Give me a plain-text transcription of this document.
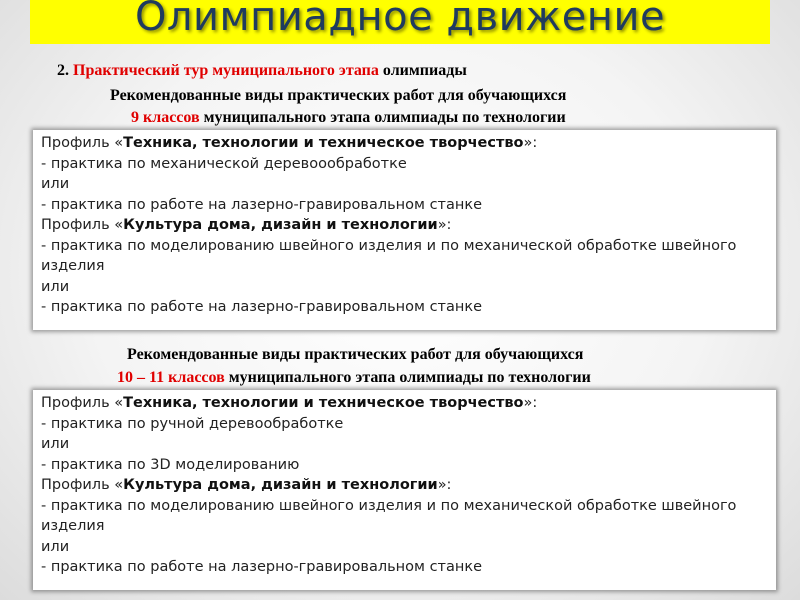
Олимпиадное движение
2. Практический тур муниципального этапа олимпиады
Рекомендованные виды практических работ для обучающихся
9 классов муниципального этапа олимпиады по технологии
Профиль «Техника, технологии и техническое творчество»:
- практика по механической деревоообработке
или
- практика по работе на лазерно-гравировальном станке
Профиль «Культура дома, дизайн и технологии»:
- практика по моделированию швейного изделия и по механической обработке швейного
изделия
или
- практика по работе на лазерно-гравировальном станке
Рекомендованные виды практических работ для обучающихся
10 – 11 классов муниципального этапа олимпиады по технологии
Профиль «Техника, технологии и техническое творчество»:
- практика по ручной деревообработке
или
- практика по 3D моделированию
Профиль «Культура дома, дизайн и технологии»:
- практика по моделированию швейного изделия и по механической обработке швейного
изделия
или
- практика по работе на лазерно-гравировальном станке
